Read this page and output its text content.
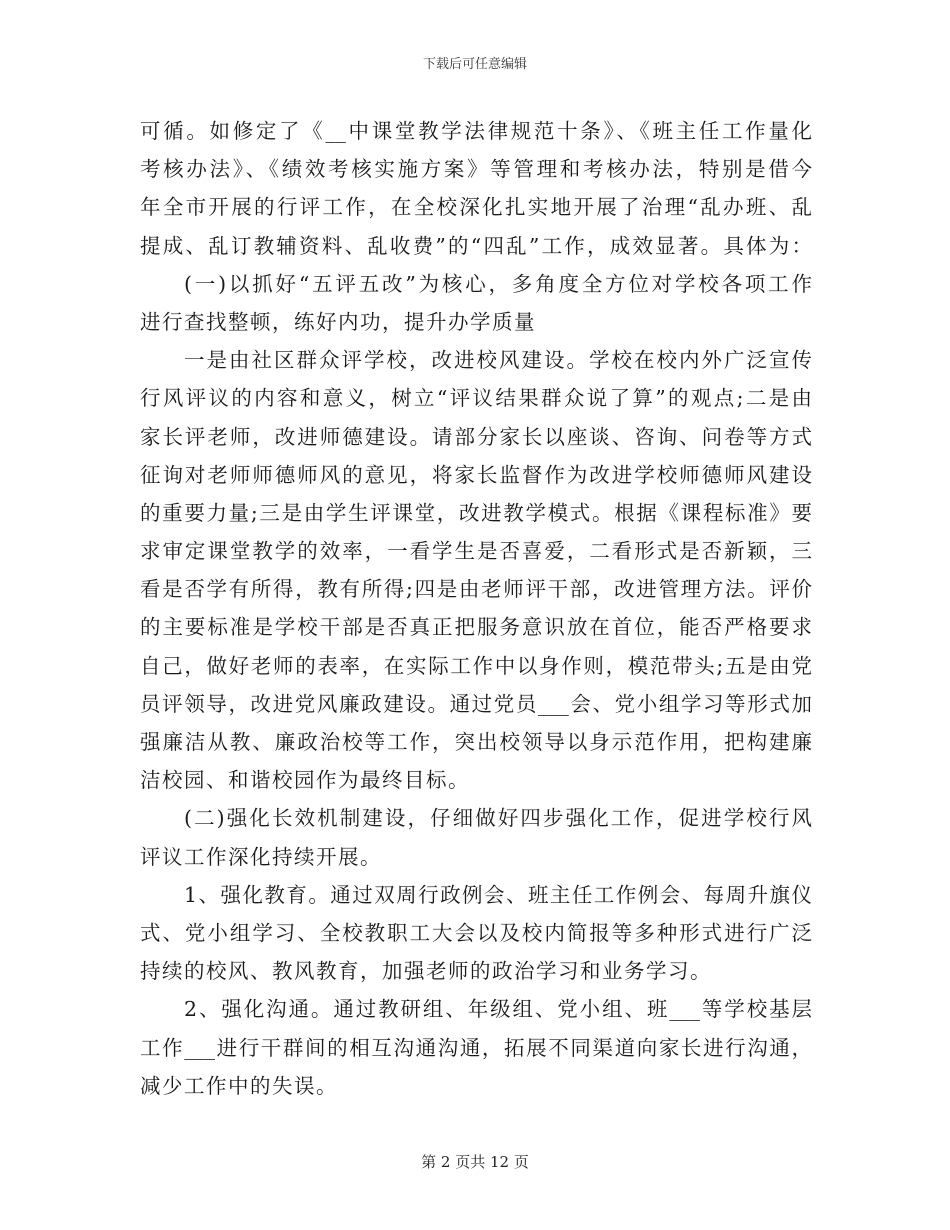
下载后可任意编辑
可循。如修定了《__中课堂教学法律规范十条》、《班主任工作量化
考核办法》、《绩效考核实施方案》等管理和考核办法，特别是借今
年全市开展的行评工作，在全校深化扎实地开展了治理“乱办班、乱
提成、乱订教辅资料、乱收费”的“四乱”工作，成效显著。具体为：
(一)以抓好“五评五改”为核心，多角度全方位对学校各项工作
进行查找整顿，练好内功，提升办学质量
一是由社区群众评学校，改进校风建设。学校在校内外广泛宣传
行风评议的内容和意义，树立“评议结果群众说了算”的观点;二是由
家长评老师，改进师德建设。请部分家长以座谈、咨询、问卷等方式
征询对老师师德师风的意见，将家长监督作为改进学校师德师风建设
的重要力量;三是由学生评课堂，改进教学模式。根据《课程标准》要
求审定课堂教学的效率，一看学生是否喜爱，二看形式是否新颖，三
看是否学有所得，教有所得;四是由老师评干部，改进管理方法。评价
的主要标准是学校干部是否真正把服务意识放在首位，能否严格要求
自己，做好老师的表率，在实际工作中以身作则，模范带头;五是由党
员评领导，改进党风廉政建设。通过党员___会、党小组学习等形式加
强廉洁从教、廉政治校等工作，突出校领导以身示范作用，把构建廉
洁校园、和谐校园作为最终目标。
(二)强化长效机制建设，仔细做好四步强化工作，促进学校行风
评议工作深化持续开展。
1、强化教育。通过双周行政例会、班主任工作例会、每周升旗仪
式、党小组学习、全校教职工大会以及校内简报等多种形式进行广泛
持续的校风、教风教育，加强老师的政治学习和业务学习。
2、强化沟通。通过教研组、年级组、党小组、班___等学校基层
工作___进行干群间的相互沟通沟通，拓展不同渠道向家长进行沟通，
减少工作中的失误。
第 2 页共 12 页
